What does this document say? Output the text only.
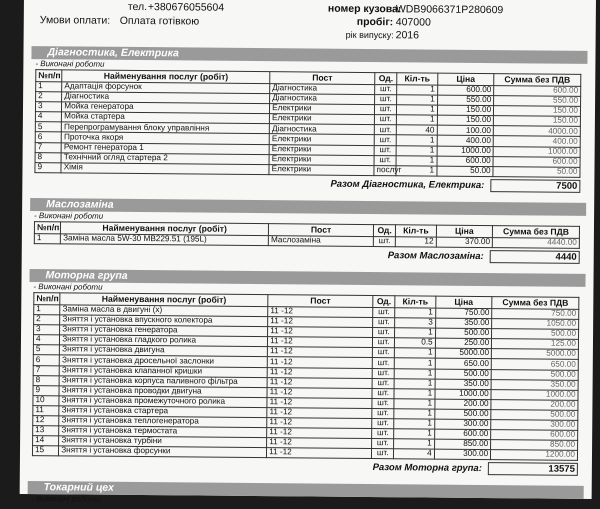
тел. +380676055604
Умови оплати: Оплата готівкою
номер кузова:
WDB9066371P280609
пробіг: 407000
рік випуску: 2016
Діагностика, Електрика
- Виконані роботи
№п/п	Найменування послуг (робіт)	Пост	Од.	Кіл-ть	Ціна	Сумма без ПДВ
1	Адаптація форсунок	Діагностика	шт.	1	600.00	600.00
2	Діагностика	Діагностика	шт.	1	550.00	550.00
3	Мойка генератора	Електрики	шт.	1	150.00	150.00
4	Мойка стартера	Електрики	шт.	1	150.00	150.00
5	Перепрограмування блоку управління	Діагностика	шт.	40	100.00	4000.00
6	Проточка якоря	Електрики	шт.	1	400.00	400.00
7	Ремонт генератора 1	Електрики	шт.	1	1000.00	1000.00
8	Технічний огляд стартера 2	Електрики	шт.	1	600.00	600.00
9	Хімія	Електрики	послуг	1	50.00	50.00
Разом Діагностика, Електрика:	7500
Маслозаміна
- Виконані роботи
№п/п	Найменування послуг (робіт)	Пост	Од.	Кіл-ть	Ціна	Сумма без ПДВ
1	Заміна масла 5W-30 MB229.51 (195L)	Маслозаміна	шт.	12	370.00	4440.00
Разом Маслозаміна:	4440
Моторна група
- Виконані роботи
№п/п	Найменування послуг (робіт)	Пост	Од.	Кіл-ть	Ціна	Сумма без ПДВ
1	Заміна масла в двигуні (х)	11 -12	шт.	1	750.00	750.00
2	Зняття і установка впускного колектора	11 -12	шт.	3	350.00	1050.00
3	Зняття і установка генератора	11 -12	шт.	1	500.00	500.00
4	Зняття і установка гладкого ролика	11 -12	шт.	0.5	250.00	125.00
5	Зняття і установка двигуна	11 -12	шт.	1	5000.00	5000.00
6	Зняття і установка дросельної заслонки	11 -12	шт.	1	650.00	650.00
7	Зняття і установка клапанної кришки	11 -12	шт.	1	500.00	500.00
8	Зняття і установка корпуса паливного фільтра	11 -12	шт.	1	350.00	350.00
9	Зняття і установка проводки двигуна	11 -12	шт.	1	1000.00	1000.00
10	Зняття і установка промежуточного ролика	11 -12	шт.	1	200.00	200.00
11	Зняття і установка стартера	11 -12	шт.	1	500.00	500.00
12	Зняття і установка теплогенератора	11 -12	шт.	1	300.00	300.00
13	Зняття і установка термостата	11 -12	шт.	1	600.00	600.00
14	Зняття і установка турбіни	11 -12	шт.	1	850.00	850.00
15	Зняття і установка форсунки	11 -12	шт.	4	300.00	1200.00
Разом Моторна група:	13575
Токарний цех
- Виконані роботи
